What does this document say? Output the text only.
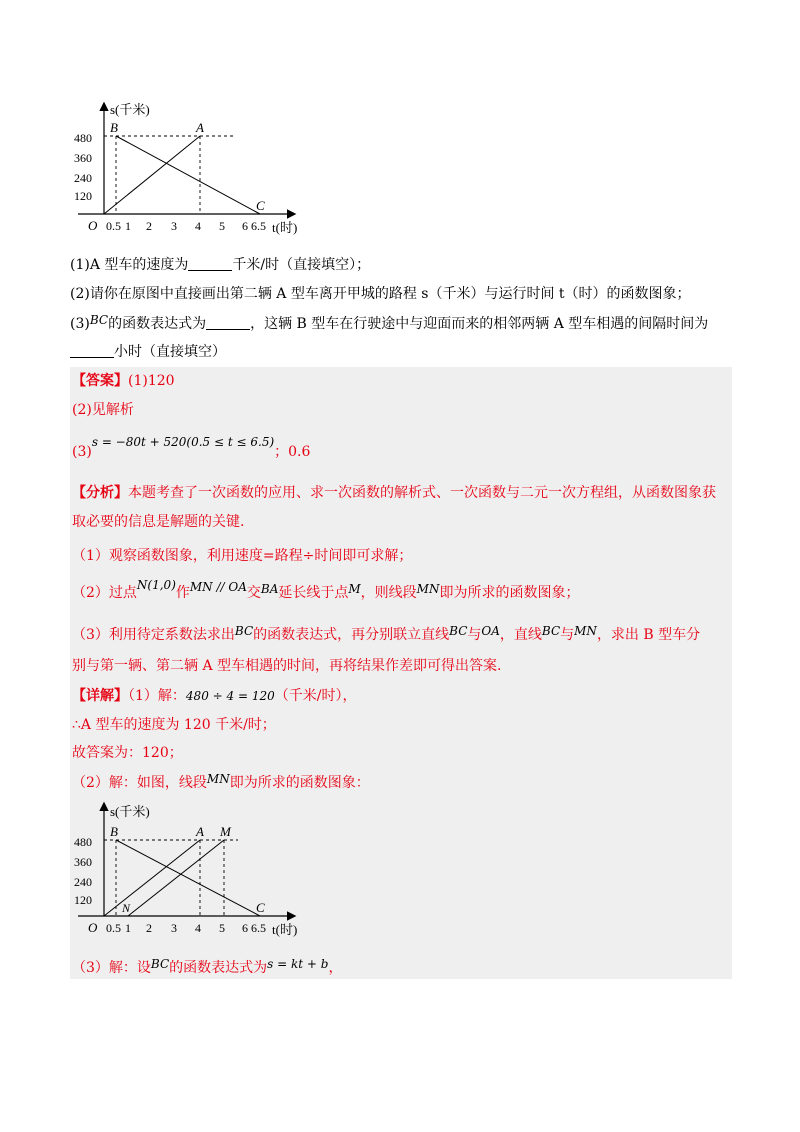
s(千米)
t(时)
O
480
360
240
120
0.5 1 2 3 4 5 6 6.5
B	A
C
(1)A 型车的速度为	千米/时（直接填空）；
(2)请你在原图中直接画出第二辆 A 型车离开甲城的路程 s（千米）与运行时间 t（时）的函数图象；
(3)BC的函数表达式为	，这辆 B 型车在行驶途中与迎面而来的相邻两辆 A 型车相遇的间隔时间为
小时（直接填空）
【答案】(1)120
(2)见解析
(3)s = −80t + 520(0.5 ≤ t ≤ 6.5)；0.6
【分析】本题考查了一次函数的应用、求一次函数的解析式、一次函数与二元一次方程组，从函数图象获
取必要的信息是解题的关键.
（1）观察函数图象，利用速度=路程÷时间即可求解；
（2）过点N(1,0)作MN // OA交BA延长线于点M，则线段MN即为所求的函数图象；
（3）利用待定系数法求出BC的函数表达式，再分别联立直线BC与OA，直线BC与MN，求出 B 型车分
别与第一辆、第二辆 A 型车相遇的时间，再将结果作差即可得出答案.
【详解】（1）解：480 ÷ 4 = 120（千米/时），
∴A 型车的速度为 120 千米/时；
故答案为：120；
（2）解：如图，线段MN即为所求的函数图象：
s(千米)
t(时)
O
480
360
240
120
0.5 1 2 3 4 5 6 6.5
B	A M
N	C
（3）解：设BC的函数表达式为s = kt + b，
